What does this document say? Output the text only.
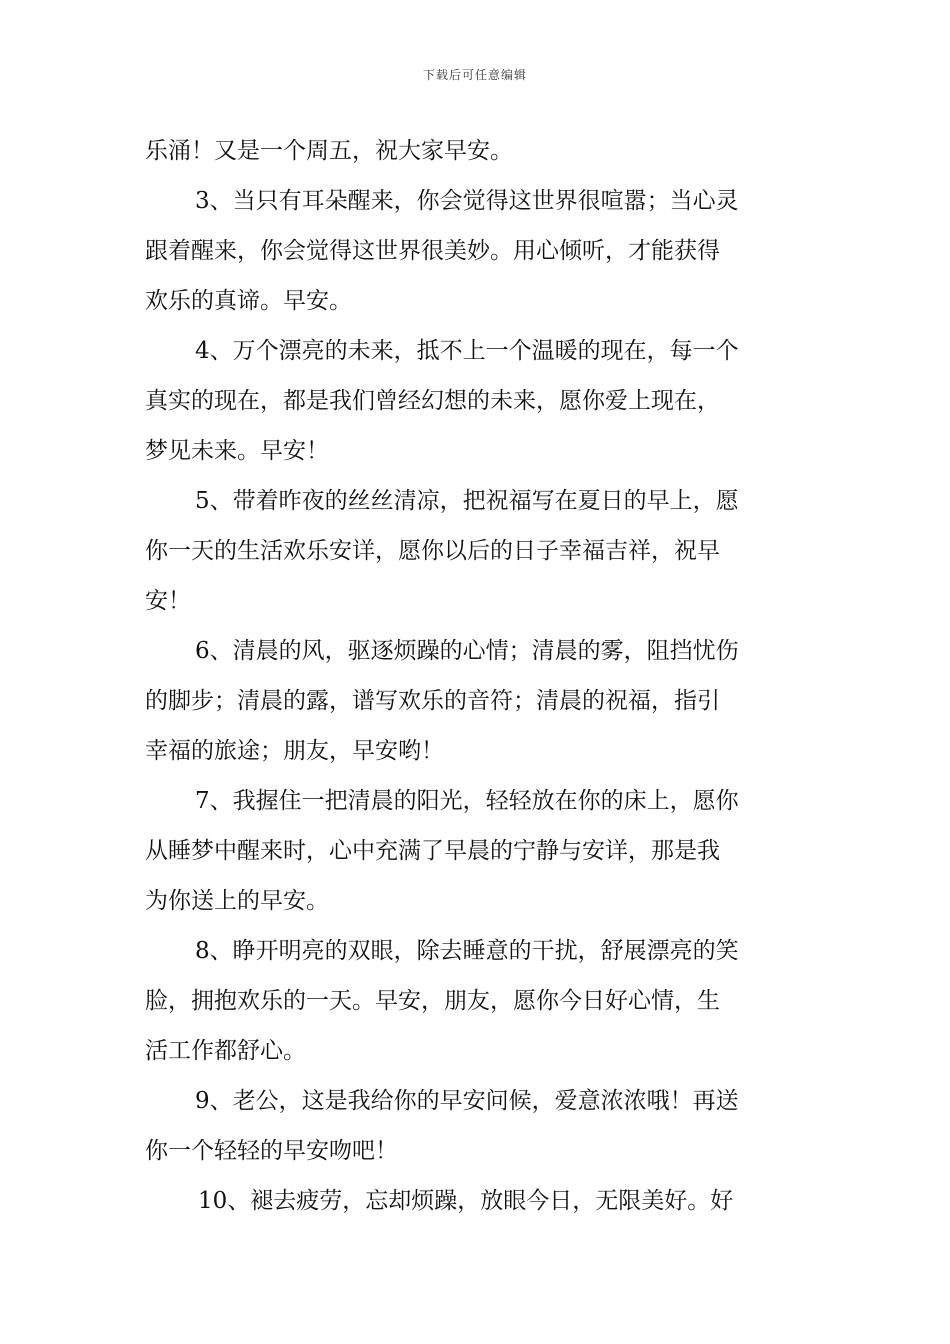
下载后可任意编辑
乐涌！又是一个周五，祝大家早安。
3、当只有耳朵醒来，你会觉得这世界很喧嚣；当心灵
跟着醒来，你会觉得这世界很美妙。用心倾听，才能获得
欢乐的真谛。早安。
4、万个漂亮的未来，抵不上一个温暖的现在，每一个
真实的现在，都是我们曾经幻想的未来，愿你爱上现在，
梦见未来。早安！
5、带着昨夜的丝丝清凉，把祝福写在夏日的早上，愿
你一天的生活欢乐安详，愿你以后的日子幸福吉祥，祝早
安！
6、清晨的风，驱逐烦躁的心情；清晨的雾，阻挡忧伤
的脚步；清晨的露，谱写欢乐的音符；清晨的祝福，指引
幸福的旅途；朋友，早安哟！
7、我握住一把清晨的阳光，轻轻放在你的床上，愿你
从睡梦中醒来时，心中充满了早晨的宁静与安详，那是我
为你送上的早安。
8、睁开明亮的双眼，除去睡意的干扰，舒展漂亮的笑
脸，拥抱欢乐的一天。早安，朋友，愿你今日好心情，生
活工作都舒心。
9、老公，这是我给你的早安问候，爱意浓浓哦！再送
你一个轻轻的早安吻吧！
10、褪去疲劳，忘却烦躁，放眼今日，无限美好。好
